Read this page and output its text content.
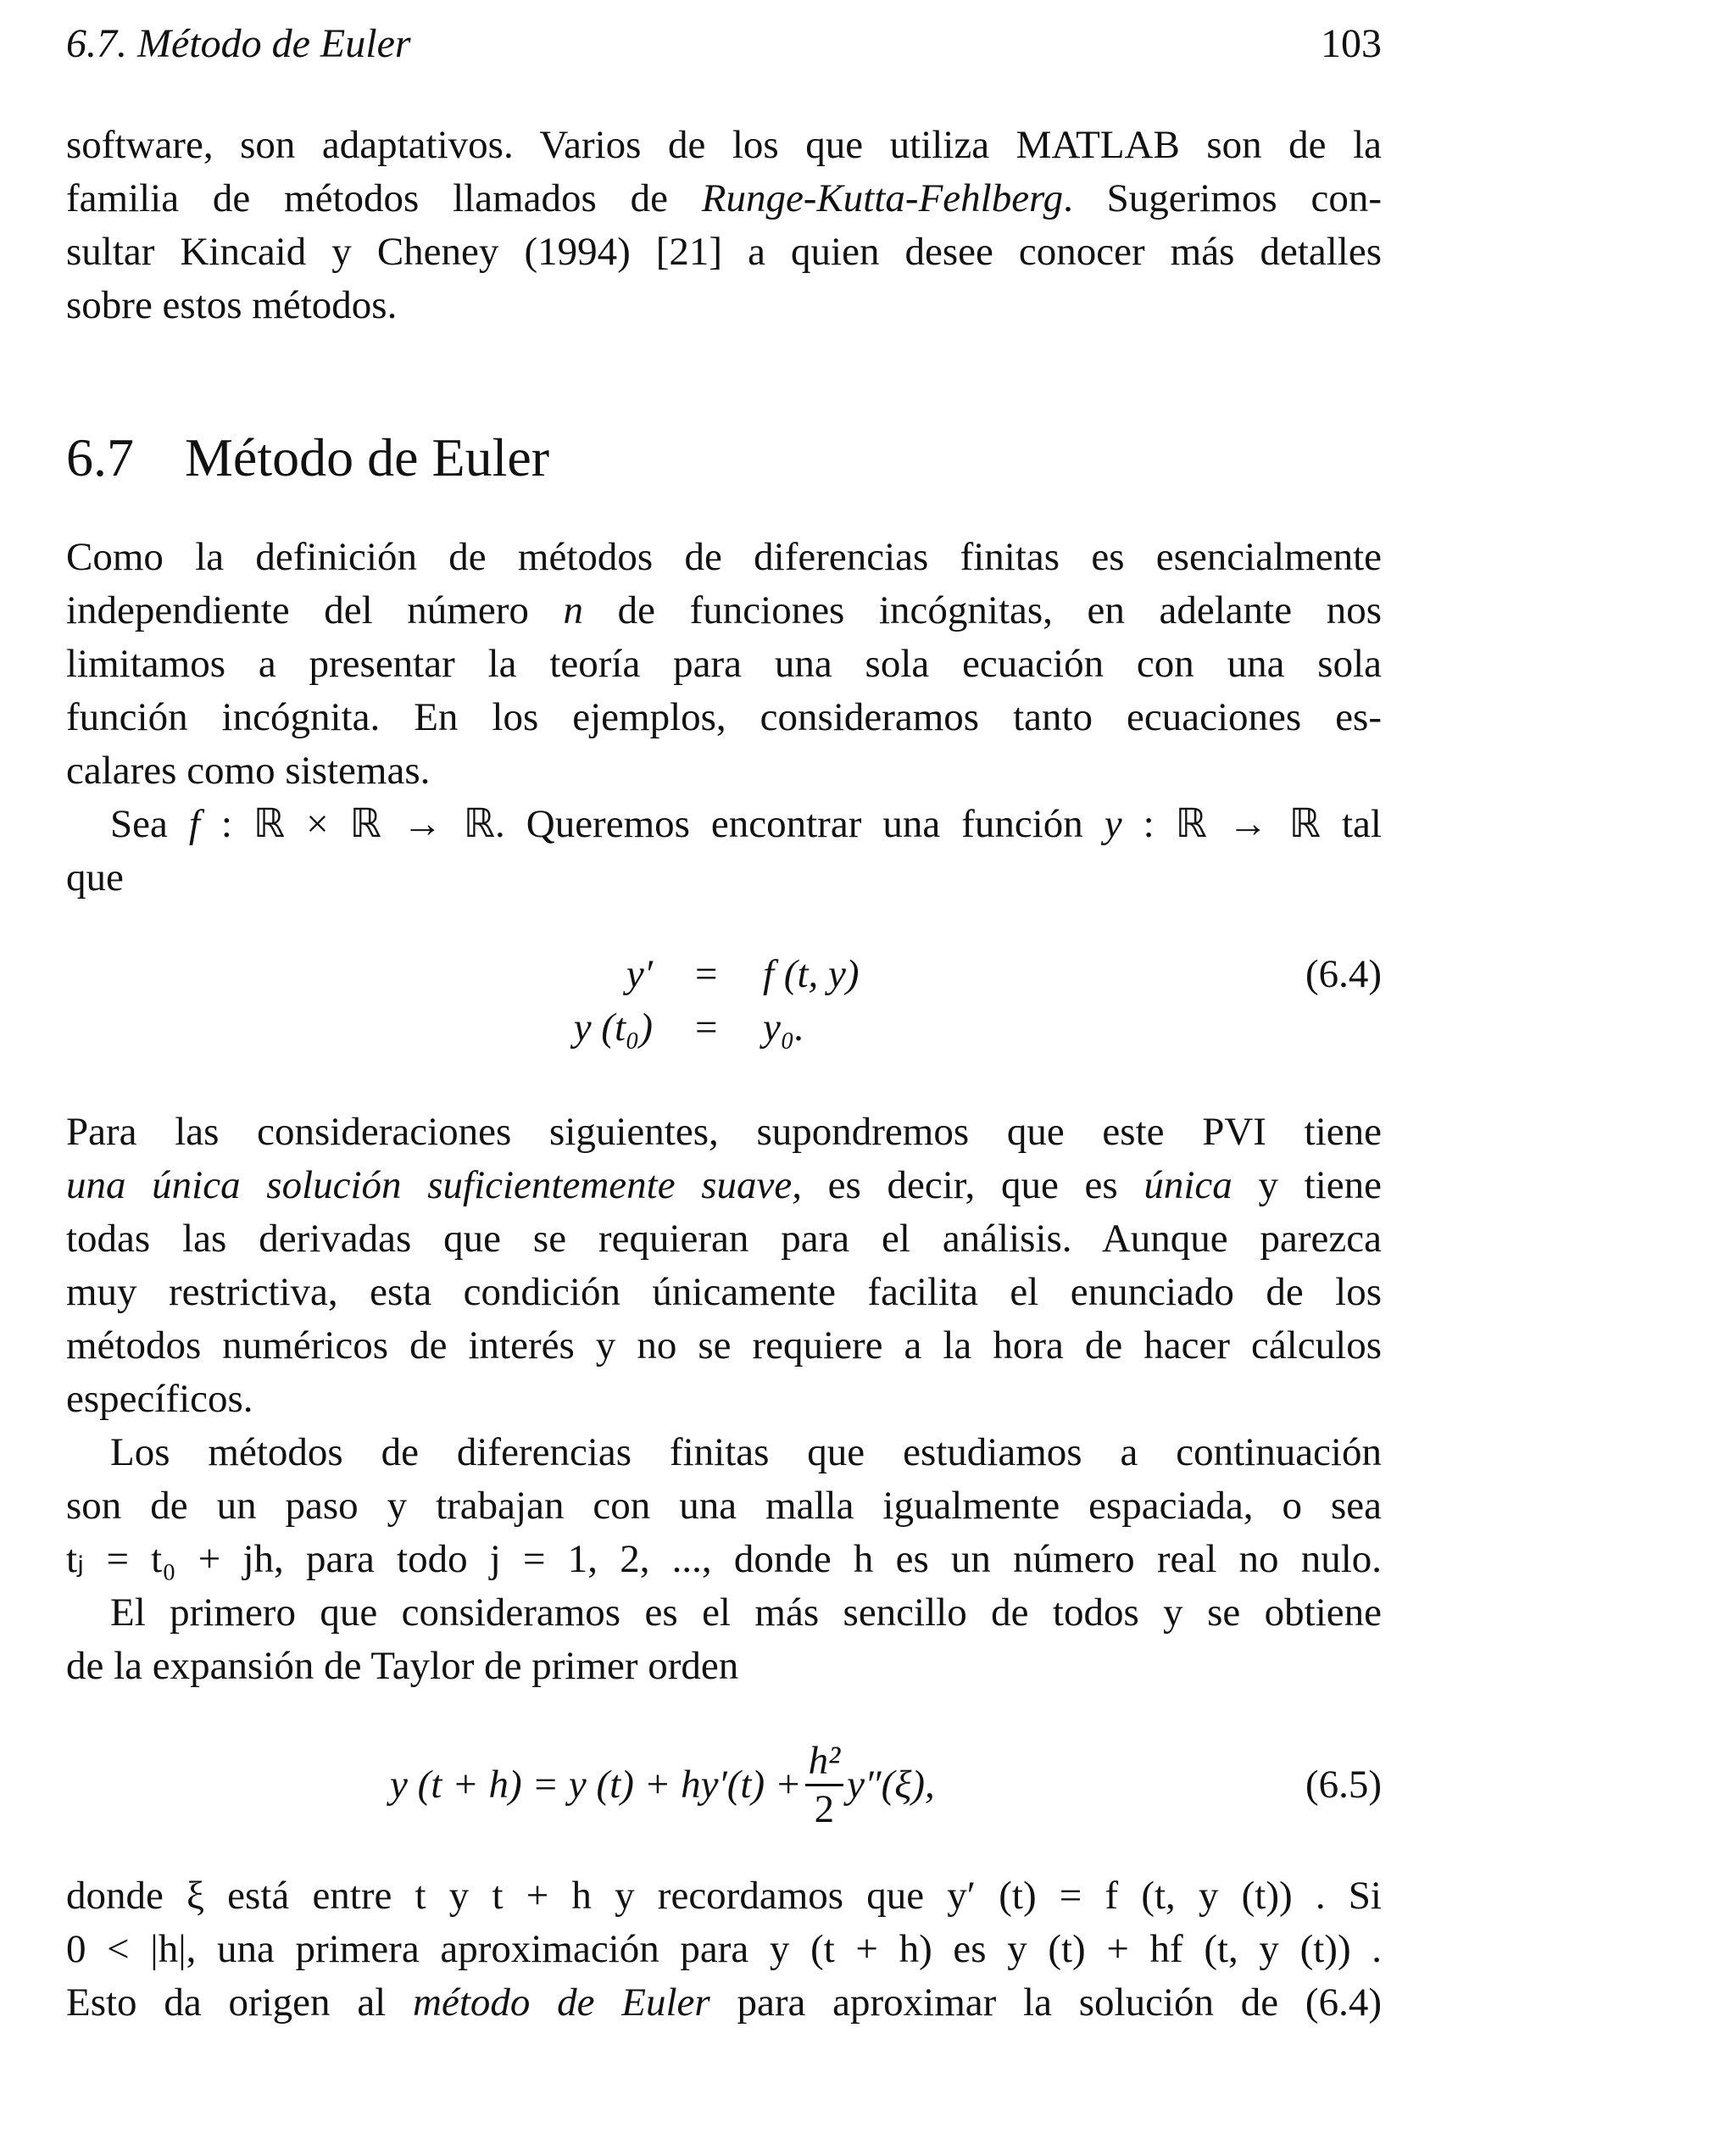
6.7. Método de Euler	103
software, son adaptativos. Varios de los que utiliza MATLAB son de la
familia de métodos llamados de Runge-Kutta-Fehlberg. Sugerimos con-
sultar Kincaid y Cheney (1994) [21] a quien desee conocer más detalles
sobre estos métodos.
6.7 Método de Euler
Como la definición de métodos de diferencias finitas es esencialmente
independiente del número n de funciones incógnitas, en adelante nos
limitamos a presentar la teoría para una sola ecuación con una sola
función incógnita. En los ejemplos, consideramos tanto ecuaciones es-
calares como sistemas.
Sea f : ℝ × ℝ → ℝ. Queremos encontrar una función y : ℝ → ℝ tal
que
y′ = f (t, y)
y (t₀) = y₀.
(6.4)
Para las consideraciones siguientes, supondremos que este PVI tiene
una única solución suficientemente suave, es decir, que es única y tiene
todas las derivadas que se requieran para el análisis. Aunque parezca
muy restrictiva, esta condición únicamente facilita el enunciado de los
métodos numéricos de interés y no se requiere a la hora de hacer cálculos
específicos.
Los métodos de diferencias finitas que estudiamos a continuación
son de un paso y trabajan con una malla igualmente espaciada, o sea
tⱼ = t₀ + jh, para todo j = 1, 2, ..., donde h es un número real no nulo.
El primero que consideramos es el más sencillo de todos y se obtiene
de la expansión de Taylor de primer orden
y (t + h) = y $(t) + hy'(t) + \frac{\text{h²}}{2} y''(\xi)$,	(6.5)
donde ξ está entre t y t + h y recordamos que y′ (t) = f (t, y (t)) . Si
0 < |h|, una primera aproximación para y (t + h) es y (t) + hf (t, y (t)) .
Esto da origen al método de Euler para aproximar la solución de (6.4)
